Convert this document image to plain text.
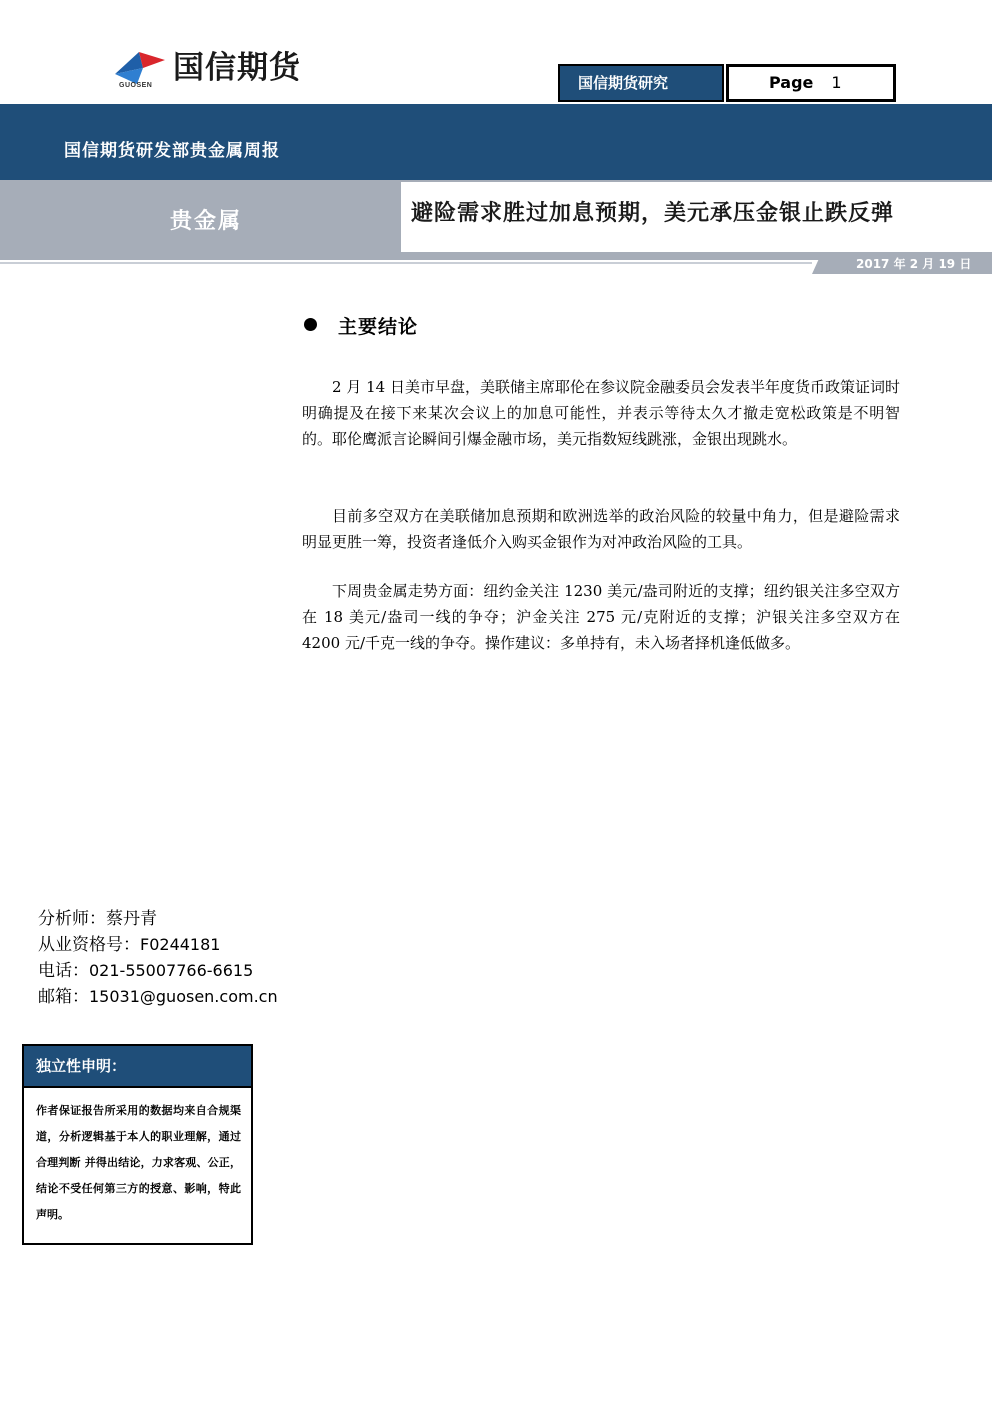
国信期货
GUOSEN	国信期货研究	Page 1
国信期货研发部贵金属周报
贵金属	避险需求胜过加息预期，美元承压金银止跌反弹
2017 年 2 月 19 日
主要结论

2 月 14 日美市早盘，美联储主席耶伦在参议院金融委员会发表半年度货币政策证词时明确提及在接下来某次会议上的加息可能性，并表示等待太久才撤走宽松政策是不明智的。耶伦鹰派言论瞬间引爆金融市场，美元指数短线跳涨，金银出现跳水。

目前多空双方在美联储加息预期和欧洲选举的政治风险的较量中角力，但是避险需求明显更胜一筹，投资者逢低介入购买金银作为对冲政治风险的工具。

下周贵金属走势方面：纽约金关注 1230 美元/盎司附近的支撑；纽约银关注多空双方在 18 美元/盎司一线的争夺；沪金关注 275 元/克附近的支撑；沪银关注多空双方在 4200 元/千克一线的争夺。操作建议：多单持有，未入场者择机逢低做多。

分析师：蔡丹青
从业资格号：F0244181
电话：021-55007766-6615
邮箱：15031@guosen.com.cn
独立性申明：
作者保证报告所采用的数据均来自合规渠道，分析逻辑基于本人的职业理解，通过合理判断 并得出结论，力求客观、公正，结论不受任何第三方的授意、影响，特此声明。
